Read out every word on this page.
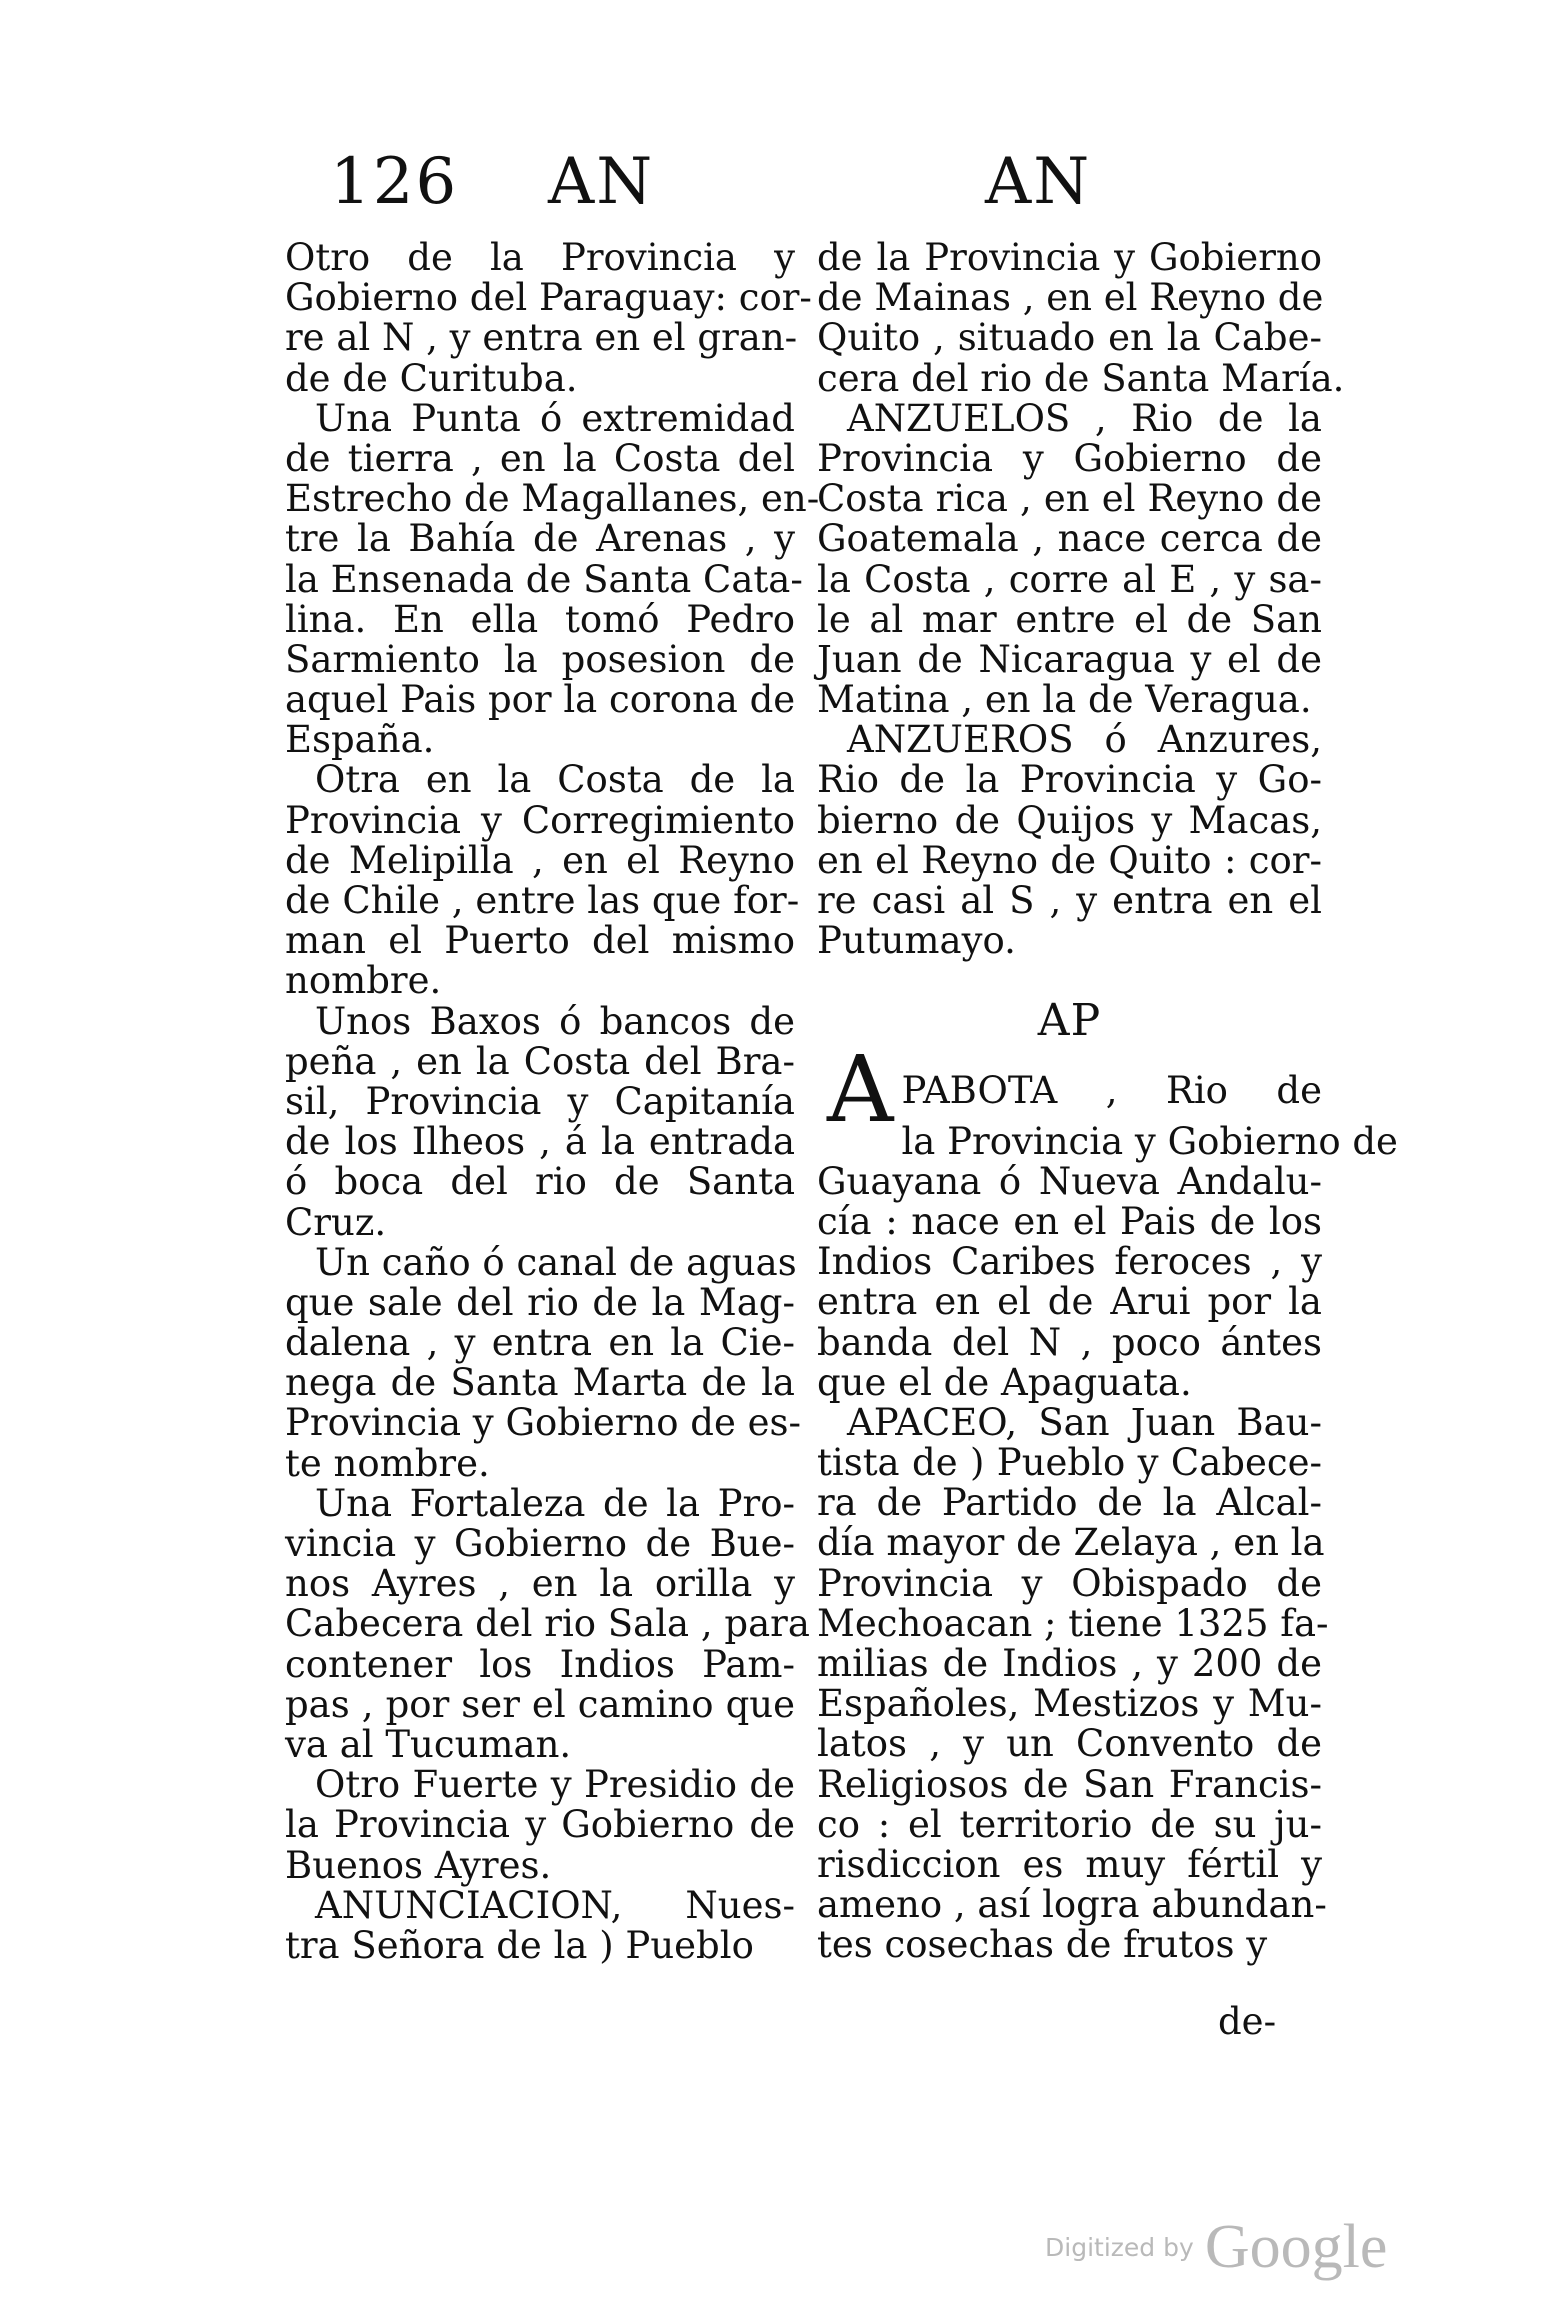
126 AN	AN
Otro de la Provincia y
Gobierno del Paraguay: cor-
re al N , y entra en el gran-
de de Curituba.
Una Punta ó extremidad
de tierra , en la Costa del
Estrecho de Magallanes, en-
tre la Bahía de Arenas , y
la Ensenada de Santa Cata-
lina. En ella tomó Pedro
Sarmiento la posesion de
aquel Pais por la corona de
España.
Otra en la Costa de la
Provincia y Corregimiento
de Melipilla , en el Reyno
de Chile , entre las que for-
man el Puerto del mismo
nombre.
Unos Baxos ó bancos de
peña , en la Costa del Bra-
sil, Provincia y Capitanía
de los Ilheos , á la entrada
ó boca del rio de Santa
Cruz.
Un caño ó canal de aguas
que sale del rio de la Mag-
dalena , y entra en la Cie-
nega de Santa Marta de la
Provincia y Gobierno de es-
te nombre.
Una Fortaleza de la Pro-
vincia y Gobierno de Bue-
nos Ayres , en la orilla y
Cabecera del rio Sala , para
contener los Indios Pam-
pas , por ser el camino que
va al Tucuman.
Otro Fuerte y Presidio de
la Provincia y Gobierno de
Buenos Ayres.
ANUNCIACION, Nues-
tra Señora de la ) Pueblo
de la Provincia y Gobierno
de Mainas , en el Reyno de
Quito , situado en la Cabe-
cera del rio de Santa María.
ANZUELOS , Rio de la
Provincia y Gobierno de
Costa rica , en el Reyno de
Goatemala , nace cerca de
la Costa , corre al E , y sa-
le al mar entre el de San
Juan de Nicaragua y el de
Matina , en la de Veragua.
ANZUEROS ó Anzures,
Rio de la Provincia y Go-
bierno de Quijos y Macas,
en el Reyno de Quito : cor-
re casi al S , y entra en el
Putumayo.
AP
A PABOTA , Rio de
la Provincia y Gobierno de
Guayana ó Nueva Andalu-
cía : nace en el Pais de los
Indios Caribes feroces , y
entra en el de Arui por la
banda del N , poco ántes
que el de Apaguata.
APACEO, San Juan Bau-
tista de ) Pueblo y Cabece-
ra de Partido de la Alcal-
día mayor de Zelaya , en la
Provincia y Obispado de
Mechoacan ; tiene 1325 fa-
milias de Indios , y 200 de
Españoles, Mestizos y Mu-
latos , y un Convento de
Religiosos de San Francis-
co : el territorio de su ju-
risdiccion es muy fértil y
ameno , así logra abundan-
tes cosechas de frutos y
de-
Digitized by Google
